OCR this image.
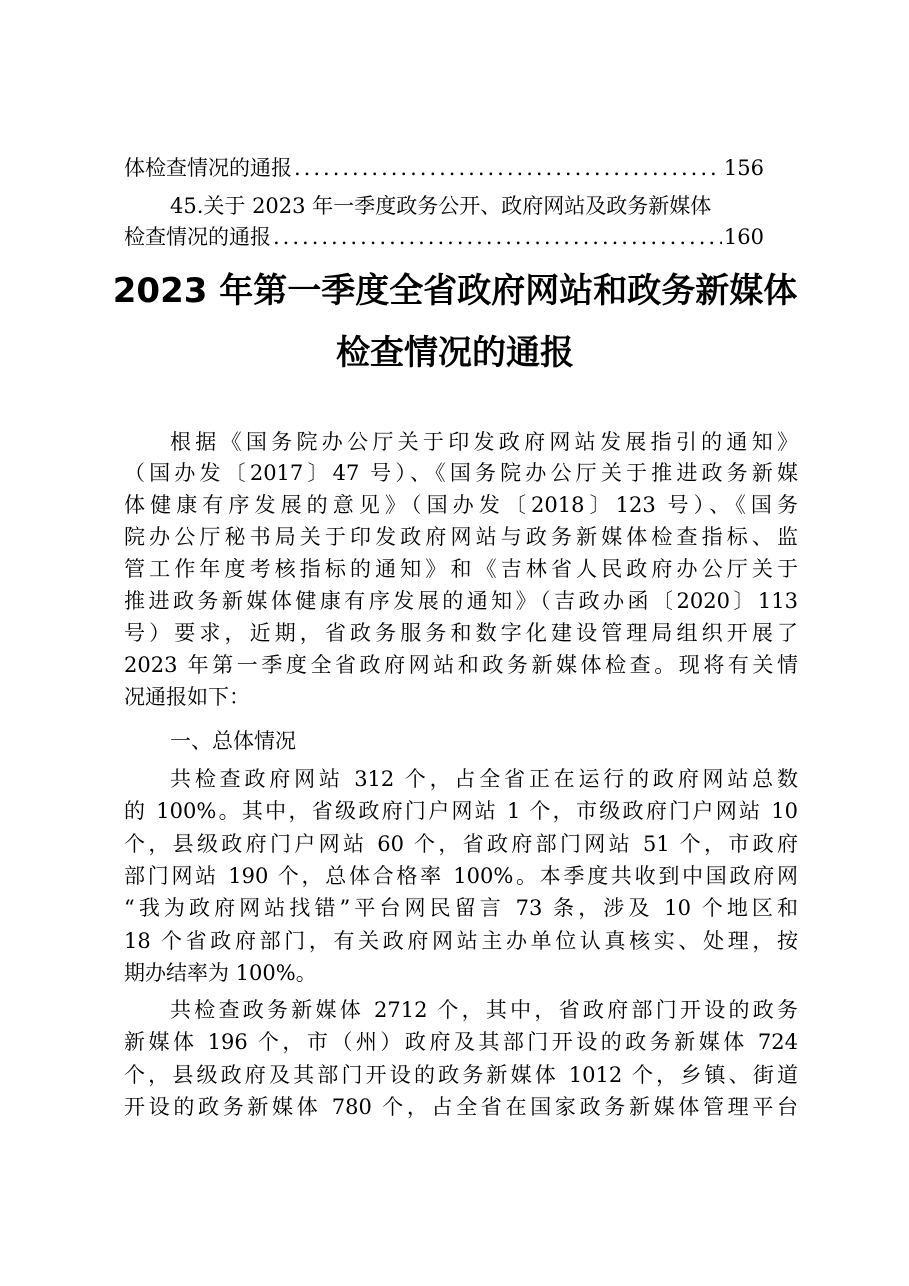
体检查情况的通报 .....	156
45.关于 2023 年一季度政务公开、政府网站及政务新媒体
检查情况的通报 .....	160
2023 年第一季度全省政府网站和政务新媒体
检查情况的通报
根据《国务院办公厅关于印发政府网站发展指引的通知》
（国办发〔2017〕47 号）、《国务院办公厅关于推进政务新媒
体健康有序发展的意见》（国办发〔2018〕123 号）、《国务
院办公厅秘书局关于印发政府网站与政务新媒体检查指标、监
管工作年度考核指标的通知》和《吉林省人民政府办公厅关于
推进政务新媒体健康有序发展的通知》（吉政办函〔2020〕113
号）要求，近期，省政务服务和数字化建设管理局组织开展了
2023 年第一季度全省政府网站和政务新媒体检查。现将有关情
况通报如下：
一、总体情况
共检查政府网站 312 个，占全省正在运行的政府网站总数
的 100%。其中，省级政府门户网站 1 个，市级政府门户网站 10
个，县级政府门户网站 60 个，省政府部门网站 51 个，市政府
部门网站 190 个，总体合格率 100%。本季度共收到中国政府网
“我为政府网站找错”平台网民留言 73 条，涉及 10 个地区和
18 个省政府部门，有关政府网站主办单位认真核实、处理，按
期办结率为 100%。
共检查政务新媒体 2712 个，其中，省政府部门开设的政务
新媒体 196 个，市（州）政府及其部门开设的政务新媒体 724
个，县级政府及其部门开设的政务新媒体 1012 个，乡镇、街道
开设的政务新媒体 780 个，占全省在国家政务新媒体管理平台
